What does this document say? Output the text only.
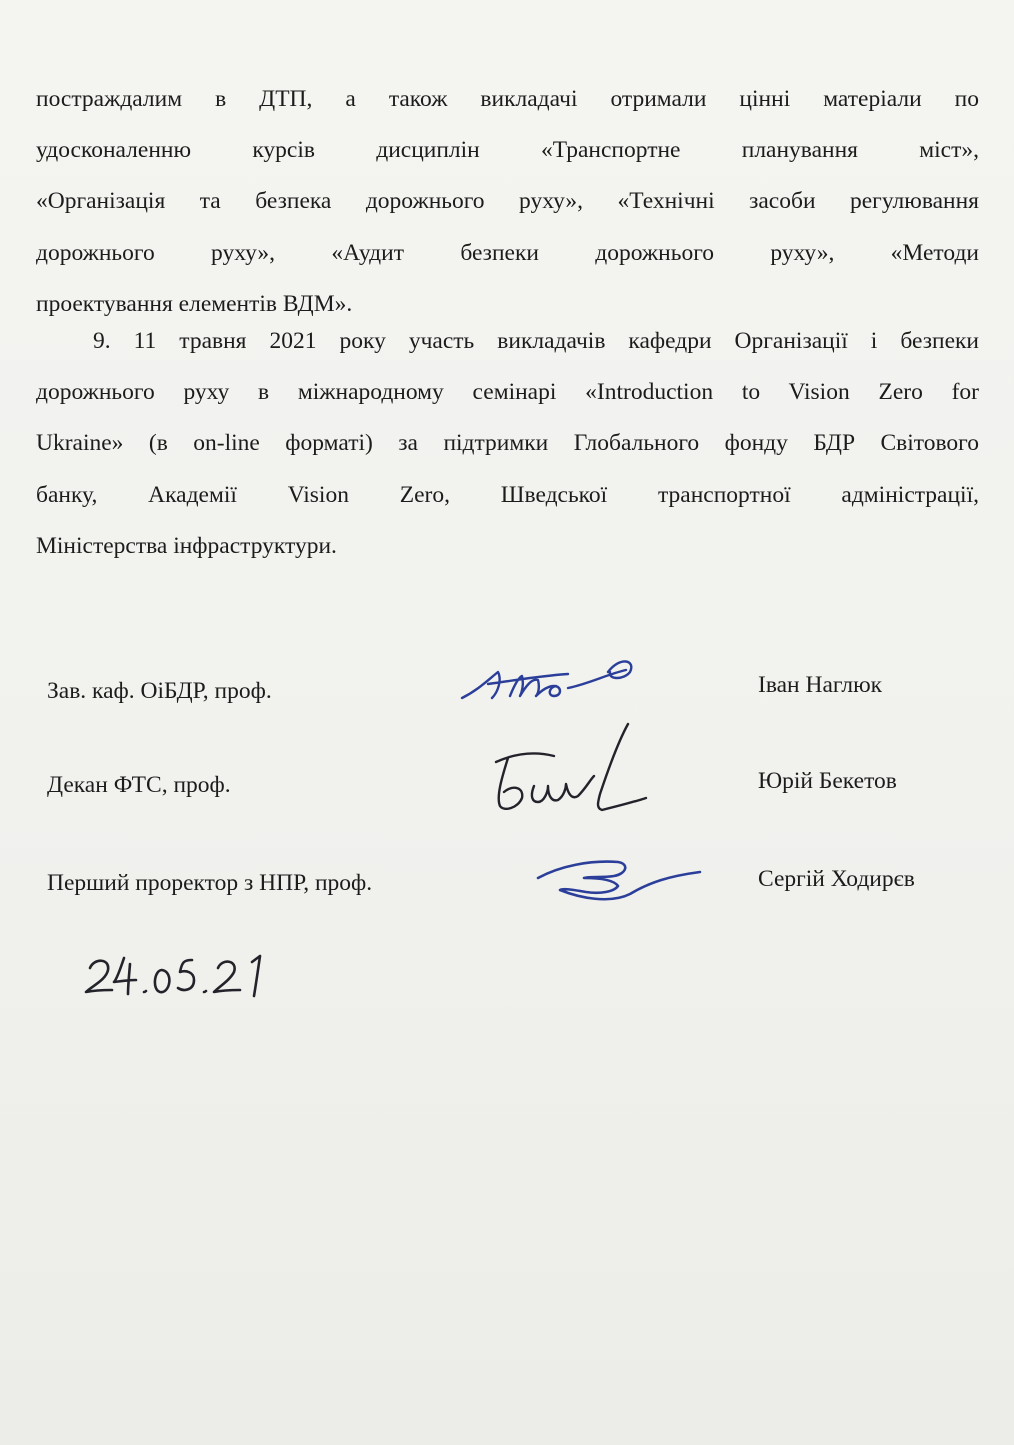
постраждалим в ДТП, а також викладачі отримали цінні матеріали по
удосконаленню курсів дисциплін «Транспортне планування міст»,
«Організація та безпека дорожнього руху», «Технічні засоби регулювання
дорожнього руху», «Аудит безпеки дорожнього руху», «Методи
проектування елементів ВДМ».

9. 11 травня 2021 року участь викладачів кафедри Організації і безпеки
дорожнього руху в міжнародному семінарі «Introduction to Vision Zero for
Ukraine» (в on-line форматі) за підтримки Глобального фонду БДР Світового
банку, Академії Vision Zero, Шведської транспортної адміністрації,
Міністерства інфраструктури.

Зав. каф. ОіБДР, проф.	Іван Наглюк
Декан ФТС, проф.	Юрій Бекетов
Перший проректор з НПР, проф.	Сергій Ходирєв
